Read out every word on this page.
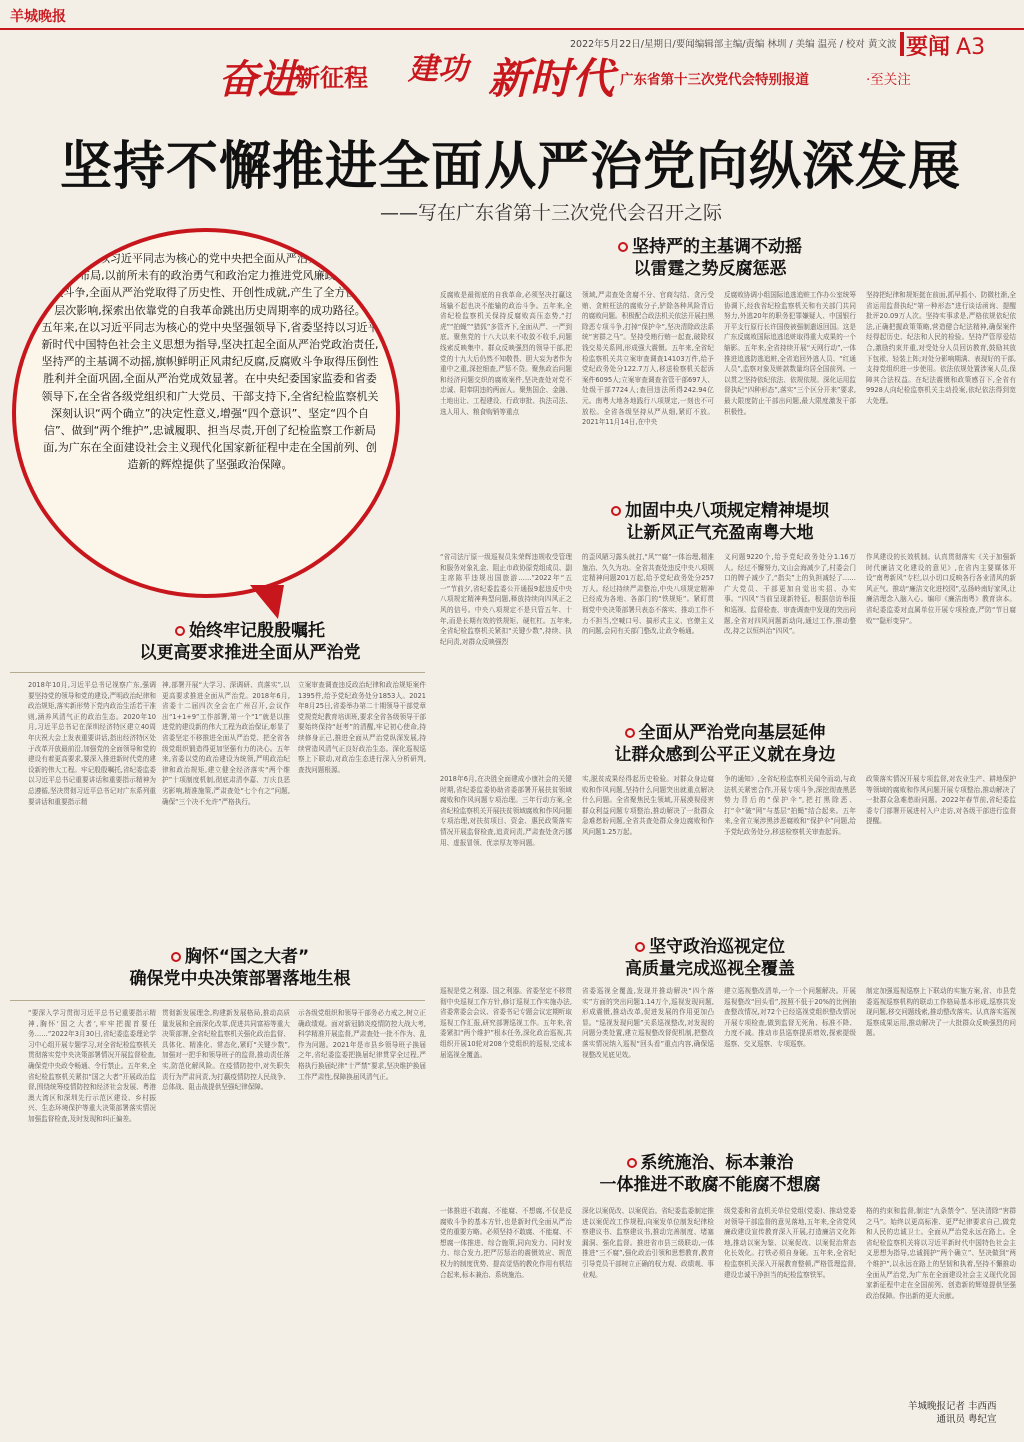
羊城晚报
2022年5月22日/星期日/要闻编辑部主编/责编 林圳 / 美编 温亮 / 校对 黄文波 要闻 A3
奋进
新征程 建功 新时代 广东省第十三次党代会特别报道	·至关注
坚持不懈推进全面从严治党向纵深发展
——写在广东省第十三次党代会召开之际

进入新时代,以习近平同志为核心的党中央把全面从严治党纳入“四个全面”战略布局,以前所未有的政治勇气和政治定力推进党风廉政建设和反腐败斗争,全面从严治党取得了历史性、开创性成就,产生了全方位、深层次影响,探索出依靠党的自我革命跳出历史周期率的成功路径。

五年来,在以习近平同志为核心的党中央坚强领导下,省委坚持以习近平新时代中国特色社会主义思想为指导,坚决扛起全面从严治党政治责任,坚持严的主基调不动摇,旗帜鲜明正风肃纪反腐,反腐败斗争取得压倒性胜利并全面巩固,全面从严治党成效显著。在中央纪委国家监委和省委领导下,在全省各级党组织和广大党员、干部支持下,全省纪检监察机关深刻认识“两个确立”的决定性意义,增强“四个意识”、坚定“四个自信”、做到“两个维护”,忠诚履职、担当尽责,开创了纪检监察工作新局面,为广东在全面建设社会主义现代化国家新征程中走在全国前列、创造新的辉煌提供了坚强政治保障。

坚持严的主基调不动摇
以雷霆之势反腐惩恶
反腐败是最彻底的自我革命,必须坚决打赢这场输不起也决不能输的政治斗争。五年来,全省纪检监察机关保持反腐败高压态势,“打虎”“拍蝇”“猎狐”多管齐下,全面从严、一严到底。聚焦党的十八大以来不收敛不收手,问题线索反映集中、群众反映强烈的领导干部,把党的十九大后仍然不知敬畏、胆大妄为者作为重中之重,深挖细查,严惩不贷。聚焦政治问题和经济问题交织的腐败案件,坚决查处对党不忠诚、阳奉阴违的两面人。聚焦国企、金融、土地出让、工程建设、行政审批、执法司法、选人用人、粮食购销等重点
领域,严肃查处贪腐不分、官商勾结、贪污受贿、贪赃枉法的腐败分子,铲除各种风险背后的腐败问题。积极配合政法机关依法开展扫黑除恶专项斗争,打掉“保护伞”,坚决清除政法系统“害群之马”。坚持受贿行贿一起查,破除权钱交易关系网,形成强大震慑。五年来,全省纪检监察机关共立案审查调查14103万件,给予党纪政务处分122.7万人,移送检察机关起诉案件6095人;立案审查调查省管干部697人、处级干部7724人;查回违法所得242.94亿元。南粤大地各地践行八项规定,一刻也不可放松。全省各级坚持从严从细,紧盯不放。2021年11月14日,在中央
反腐败协调小组国际追逃追赃工作办公室统筹协调下,经我省纪检监察机关和有关部门共同努力,外逃20年的职务犯罪嫌疑人、中国银行开平支行原行长许国俊被强制遣返回国。这是广东反腐败国际追逃追赃取得重大成果的一个缩影。五年来,全省持续开展“天网行动”,一体推进追逃防逃追赃,全省追回外逃人员、“红通人员”,监察对象及赃款数量均居全国前列。一以贯之坚持依纪依法、依规依规。深化运用监督执纪“四种形态”,落实“三个区分开来”要求,最大限度防止干部出问题,最大限度激发干部积极性。
坚持把纪律和规矩挺在前面,抓早抓小、防微杜渐,全省运用监督执纪“第一种形态”进行谈话函询、提醒批评20.09万人次。坚持实事求是,严格依规依纪依法,正确把握政策策略,营造健合纪法精神,确保案件经得起历史、纪法和人民的检验。坚持严管厚爱结合,激励约束并重,对受处分人员回访教育,鼓励其放下包袱、轻装上阵;对处分影响期满、表现好的干部,支持党组织进一步使用。依法依规处置涉案人员,保障其合法权益。在纪法震慑和政策感召下,全省有9928人向纪检监察机关主动投案,依纪依法得到宽大处理。
加固中央八项规定精神堤坝
让新风正气充盈南粤大地
“省司法厅原一级巡视员朱荣辉违规收受管理和服务对象礼金、阻止市政协原党组成员、副主席陈平违规出国旅游……”2022年“五一”节前夕,省纪委监委公开通报9起违反中央八项规定精神典型问题,释放持续向四风正之风的信号。中央八项规定不是只管五年、十年,而是长期有效的铁规矩、硬杠杠。五年来,全省纪检监察机关紧扣“关键少数”,持续、执纪问责,对群众反映强烈
的歪风陋习露头就打,“风”“腐”一体治理,精准施治、久久为功。全省共查处违反中央八项规定精神问题201万起,给予党纪政务处分257万人。经过持续严肃整治,中央八项规定精神已经成为各地、各部门的“铁规矩”。紧盯贯彻党中央决策部署只表态不落实、推动工作不力不担当,空喊口号、搞形式主义、官僚主义的问题,会同有关部门整改,让政令畅通。
义问题9220个,给予党纪政务处分1.16万人。经过不懈努力,文山会海减少了,村委会门口的牌子减少了,“指尖”上的负担减轻了……广大党员、干部更加自觉出实招、办实事。“四风”当前呈现新特征。根据信访举报和巡视、监督检查、审查调查中发现的突出问题,全省对四风问题新动向,通过工作,推动整改,持之以恒纠治“四风”。
作风建设的长效机制。认真贯彻落实《关于加强新时代廉洁文化建设的意见》,在省内主要媒体开设“南粤新风”专栏,以小切口反映各行各业清风的新风正气。推动“廉洁文化进校园”,弘扬岭南好家风,让廉洁理念入脑入心。编印《廉洁南粤》教育读本。省纪委监委对直属单位开展专项检查,严防“节日腐败”“隐形变异”。
始终牢记殷殷嘱托
以更高要求推进全面从严治党
2018年10月,习近平总书记视察广东,强调要坚持党的领导和党的建设,严明政治纪律和政治规矩,落实新形势下党内政治生活若干准则,涵养风清气正的政治生态。2020年10月,习近平总书记在深圳经济特区建立40周年庆祝大会上发表重要讲话,指出经济特区处于改革开放最前沿,加强党的全面领导和党的建设有着更高要求,要深入推进新时代党的建设新的伟大工程。牢记殷殷嘱托,省纪委监委以习近平总书记重要讲话和重要指示精神为总遵循,坚决贯彻习近平总书记对广东系列重要讲话和重要指示精
神,部署开展“大学习、深调研、真落实”,以更高要求推进全面从严治党。2018年6月,省委十二届四次全会在广州召开,会议作出“1+1+9”工作部署,第一个“1”就是以推进党的建设新的伟大工程为政治保证,彰显了省委坚定不移推进全面从严治党、把全省各级党组织锻造得更加坚强有力的决心。五年来,省委以党的政治建设为统领,严明政治纪律和政治规矩,建立健全经济落实“两个维护”十项制度机制,彻底肃清李嘉、万庆良恶劣影响,精准施策,严肃查处“七个有之”问题,确保“三个决不允许”严格执行。
立案审查调查违反政治纪律和政治规矩案件1395件,给予党纪政务处分1853人。2021年8月25日,省委举办第二十期领导干部党章党规党纪教育培训班,要求全省各级领导干部要始终保持“赶考”的清醒,牢记初心使命,持续修身正己,推进全面从严治党纵深发展,持续营造风清气正良好政治生态。深化巡视巡察上下联动,对政治生态进行深入分析研判,查找问题根源。
全面从严治党向基层延伸
让群众感到公平正义就在身边
2018年6月,在决胜全面建成小康社会的关键时期,省纪委监委协助省委部署开展扶贫领域腐败和作风问题专项治理。三年行动方案,全省纪检监察机关开展扶贫领域腐败和作风问题专项治理,对扶贫项目、资金、惠民政策落实情况开展监督检查,追责问责,严肃查处贪污挪用、虚报冒领、优亲厚友等问题。
实,脱贫成果经得起历史检验。对群众身边腐败和作风问题,坚持什么问题突出就重点解决什么问题。全省聚焦民生领域,开展漠视侵害群众利益问题专项整治,推动解决了一批群众急难愁盼问题,全省共查处群众身边腐败和作风问题1.25万起。
争的通知》,全省纪检监察机关闻令而动,与政法机关紧密合作,开展专项斗争,深挖彻查黑恶势力背后的“保护伞”,把打黑除恶、打“伞”破“网”与基层“拍蝇”结合起来。五年来,全省立案涉黑涉恶腐败和“保护伞”问题,给予党纪政务处分,移送检察机关审查起诉。
政策落实情况开展专项监督,对农业生产、耕地保护等领域的腐败和作风问题开展专项整治,推动解决了一批群众急难愁盼问题。2022年春节前,省纪委监委专门部署开展进村入户走访,对各级干部进行监督提醒。
胸怀“国之大者”
确保党中央决策部署落地生根
“要深入学习贯彻习近平总书记重要指示精神,胸怀‘国之大者’,牢牢把握首要任务……”2022年3月30日,省纪委监委理论学习中心组开展专题学习,对全省纪检监察机关贯彻落实党中央决策部署情况开展监督检查,确保党中央政令畅通、令行禁止。五年来,全省纪检监察机关紧扣“国之大者”开展政治监督,围绕统筹疫情防控和经济社会发展、粤港澳大湾区和深圳先行示范区建设、乡村振兴、生态环境保护等重大决策部署落实情况加强监督检查,及时发现和纠正偏差。
贯彻新发展理念,构建新发展格局,推动高质量发展和全面深化改革,促进共同富裕等重大决策部署,全省纪检监察机关强化政治监督、具体化、精准化、常态化,紧盯“关键少数”,加强对一把手和领导班子的监督,推动责任落实,防范化解风险。在疫情防控中,对失职失责行为严肃问责,为打赢疫情防控人民战争、总体战、阻击战提供坚强纪律保障。
示各级党组织和领导干部务必力戒之,树立正确政绩观。面对新冠肺炎疫情防控大战大考,科学精准开展监督,严肃查处一批不作为、乱作为问题。2021年是市县乡领导班子换届之年,省纪委监委把换届纪律贯穿全过程,严格执行换届纪律“十严禁”要求,坚决维护换届工作严肃性,保障换届风清气正。
坚守政治巡视定位
高质量完成巡视全覆盖
巡视是党之利器、国之利器。省委坚定不移贯彻中央巡视工作方针,修订巡视工作实施办法,省委常委会会议、省委书记专题会议定期听取巡视工作汇报,研究部署巡视工作。五年来,省委紧扣“两个维护”根本任务,深化政治巡视,共组织开展10轮对208个党组织的巡视,完成本届巡视全覆盖。
省委巡视全覆盖,发现并推动解决“四个落实”方面的突出问题1.14万个,巡视发现问题,形成震慑,推动改革,促进发展的作用更加凸显。“巡视发现问题”关系巡视整改,对发现的问题分类处置,建立巡视整改督促机制,把整改落实情况纳入巡视“回头看”重点内容,确保巡视整改见底见效。
建立巡视整改清单,一个一个问题解决。开展巡视整改“回头看”,按照不低于20%的比例抽查整改情况,对72个已经巡视党组织整改情况开展专项检查,做到监督无死角、标准不降、力度不减。推动市县巡察提质增效,探索提级巡察、交叉巡察、专项巡察。
制定加强巡视巡察上下联动的实施方案,省、市县党委巡视巡察机构的联动工作格局基本形成,巡察共发现问题,移交问题线索,推动整改落实。认真落实巡视巡察成果运用,推动解决了一大批群众反映强烈的问题。
系统施治、标本兼治
一体推进不敢腐不能腐不想腐
一体推进不敢腐、不能腐、不想腐,不仅是反腐败斗争的基本方针,也是新时代全面从严治党的重要方略。必须坚持不敢腐、不能腐、不想腐一体推进、综合施策,同向发力、同时发力、综合发力,把严厉惩治的震慑效应、规范权力的制度优势、提高觉悟的教化作用有机结合起来,标本兼治、系统施治。
深化以案促改、以案促治。省纪委监委制定推进以案促改工作规程,向案发单位制发纪律检察建议书、监察建议书,推动完善制度、堵塞漏洞、强化监督。推进省市县三级联动,一体推进“三不腐”,强化政治引领和思想教育,教育引导党员干部树立正确的权力观、政绩观、事业观。
级党委和省直机关单位党组(党委)、推动党委对领导干部监督的意见落地,五年来,全省党风廉政建设宣传教育深入开展,打造廉洁文化阵地,推动以案为鉴、以案促改、以案促治常态化长效化。打铁必须自身硬。五年来,全省纪检监察机关深入开展教育整顿,严格管理监督,建设忠诚干净担当的纪检监察铁军。
格的约束和监督,制定“九条禁令”、坚决清除“害群之马”。始终以更高标准、更严纪律要求自己,做党和人民的忠诚卫士。全面从严治党永远在路上。全省纪检监察机关将以习近平新时代中国特色社会主义思想为指导,忠诚拥护“两个确立”、坚决做到“两个维护”,以永远在路上的坚韧和执着,坚持不懈推动全面从严治党,为广东在全面建设社会主义现代化国家新征程中走在全国前列、创造新的辉煌提供坚强政治保障。作出新的更大贡献。
羊城晚报记者 丰西西
通讯员 粤纪宣
